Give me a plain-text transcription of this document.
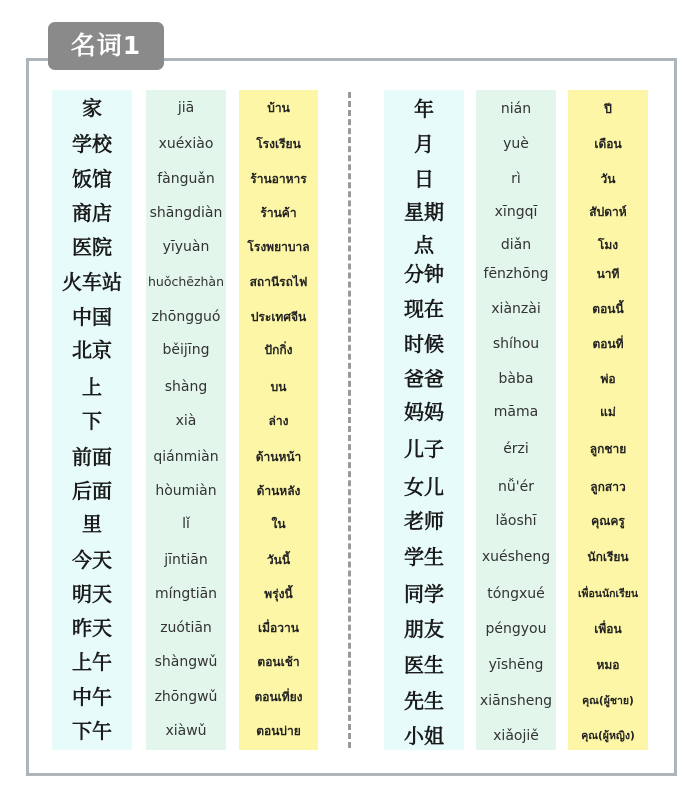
名词1
家
学校
饭馆
商店
医院
火车站
中国
北京
上
下
前面
后面
里
今天
明天
昨天
上午
中午
下午
jiā
xuéxiào
fànguǎn
shāngdiàn
yīyuàn
huǒchēzhàn
zhōngguó
běijīng
shàng
xià
qiánmiàn
hòumiàn
lǐ
jīntiān
míngtiān
zuótiān
shàngwǔ
zhōngwǔ
xiàwǔ
บ้าน
โรงเรียน
ร้านอาหาร
ร้านค้า
โรงพยาบาล
สถานีรถไฟ
ประเทศจีน
ปักกิ่ง
บน
ล่าง
ด้านหน้า
ด้านหลัง
ใน
วันนี้
พรุ่งนี้
เมื่อวาน
ตอนเช้า
ตอนเที่ยง
ตอนบ่าย
年
月
日
星期
点
分钟
现在
时候
爸爸
妈妈
儿子
女儿
老师
学生
同学
朋友
医生
先生
小姐
nián
yuè
rì
xīngqī
diǎn
fēnzhōng
xiànzài
shíhou
bàba
māma
érzi
nǚ'ér
lǎoshī
xuésheng
tóngxué
péngyou
yīshēng
xiānsheng
xiǎojiě
ปี
เดือน
วัน
สัปดาห์
โมง
นาที
ตอนนี้
ตอนที่
พ่อ
แม่
ลูกชาย
ลูกสาว
คุณครู
นักเรียน
เพื่อนนักเรียน
เพื่อน
หมอ
คุณ(ผู้ชาย)
คุณ(ผู้หญิง)
